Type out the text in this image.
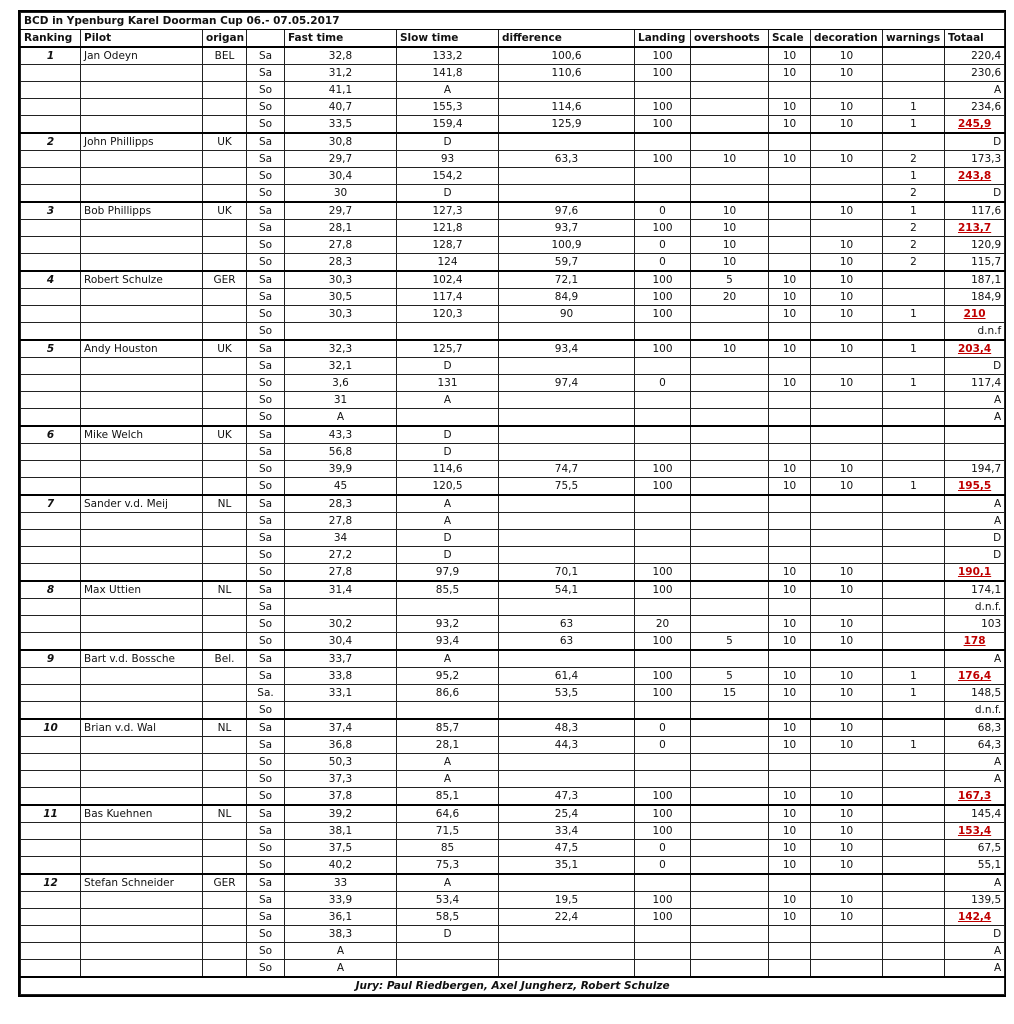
BCD in Ypenburg Karel Doorman Cup 06.- 07.05.2017												
Ranking	Pilot	origan		Fast time	Slow time	difference	Landing	overshoots	Scale	decoration	warnings	Totaal
1	Jan Odeyn	BEL	Sa	32,8	133,2	100,6	100		10	10		220,4
			Sa	31,2	141,8	110,6	100		10	10		230,6
			So	41,1	A							A
			So	40,7	155,3	114,6	100		10	10	1	234,6
			So	33,5	159,4	125,9	100		10	10	1	245,9
2	John Phillipps	UK	Sa	30,8	D							D
			Sa	29,7	93	63,3	100	10	10	10	2	173,3
			So	30,4	154,2						1	243,8
			So	30	D						2	D
3	Bob Phillipps	UK	Sa	29,7	127,3	97,6	0	10		10	1	117,6
			Sa	28,1	121,8	93,7	100	10			2	213,7
			So	27,8	128,7	100,9	0	10		10	2	120,9
			So	28,3	124	59,7	0	10		10	2	115,7
4	Robert Schulze	GER	Sa	30,3	102,4	72,1	100	5	10	10		187,1
			Sa	30,5	117,4	84,9	100	20	10	10		184,9
			So	30,3	120,3	90	100		10	10	1	210
			So									d.n.f
5	Andy Houston	UK	Sa	32,3	125,7	93,4	100	10	10	10	1	203,4
			Sa	32,1	D							D
			So	3,6	131	97,4	0		10	10	1	117,4
			So	31	A							A
			So	A								A
6	Mike Welch	UK	Sa	43,3	D							
			Sa	56,8	D							
			So	39,9	114,6	74,7	100		10	10		194,7
			So	45	120,5	75,5	100		10	10	1	195,5
7	Sander v.d. Meij	NL	Sa	28,3	A							A
			Sa	27,8	A							A
			Sa	34	D							D
			So	27,2	D							D
			So	27,8	97,9	70,1	100		10	10		190,1
8	Max Uttien	NL	Sa	31,4	85,5	54,1	100		10	10		174,1
			Sa									d.n.f.
			So	30,2	93,2	63	20		10	10		103
			So	30,4	93,4	63	100	5	10	10		178
9	Bart v.d. Bossche	Bel.	Sa	33,7	A							A
			Sa	33,8	95,2	61,4	100	5	10	10	1	176,4
			Sa.	33,1	86,6	53,5	100	15	10	10	1	148,5
			So									d.n.f.
10	Brian v.d. Wal	NL	Sa	37,4	85,7	48,3	0		10	10		68,3
			Sa	36,8	28,1	44,3	0		10	10	1	64,3
			So	50,3	A							A
			So	37,3	A							A
			So	37,8	85,1	47,3	100		10	10		167,3
11	Bas Kuehnen	NL	Sa	39,2	64,6	25,4	100		10	10		145,4
			Sa	38,1	71,5	33,4	100		10	10		153,4
			So	37,5	85	47,5	0		10	10		67,5
			So	40,2	75,3	35,1	0		10	10		55,1
12	Stefan Schneider	GER	Sa	33	A							A
			Sa	33,9	53,4	19,5	100		10	10		139,5
			Sa	36,1	58,5	22,4	100		10	10		142,4
			So	38,3	D							D
			So	A								A
			So	A								A
Jury: Paul Riedbergen, Axel Jungherz, Robert Schulze												
